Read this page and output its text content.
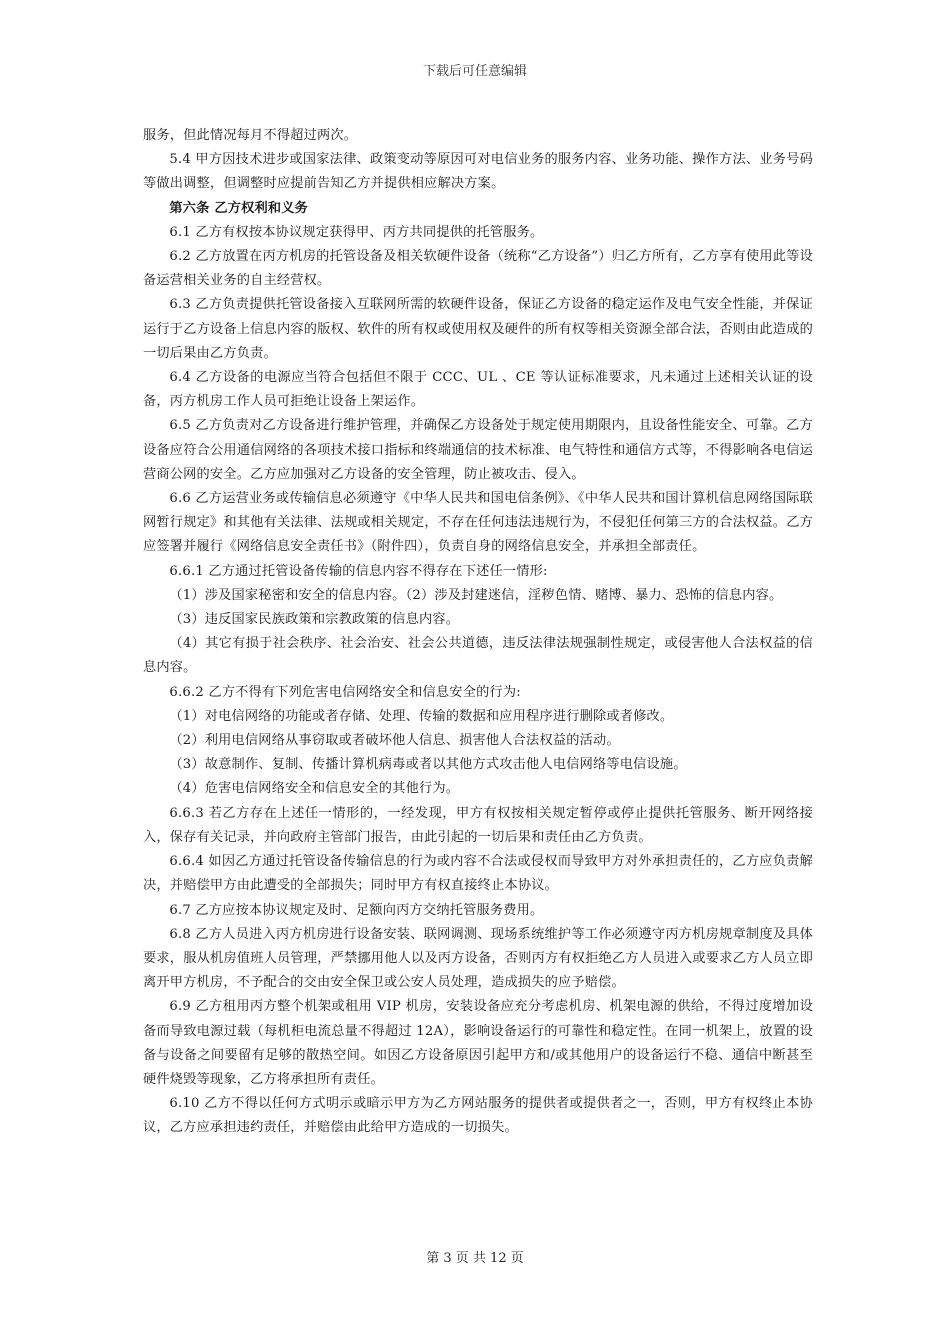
下载后可任意编辑

服务，但此情况每月不得超过两次。

5.4 甲方因技术进步或国家法律、政策变动等原因可对电信业务的服务内容、业务功能、操作方法、业务号码等做出调整，但调整时应提前告知乙方并提供相应解决方案。

第六条 乙方权利和义务

6.1 乙方有权按本协议规定获得甲、丙方共同提供的托管服务。

6.2 乙方放置在丙方机房的托管设备及相关软硬件设备（统称“乙方设备”）归乙方所有，乙方享有使用此等设备运营相关业务的自主经营权。

6.3 乙方负责提供托管设备接入互联网所需的软硬件设备，保证乙方设备的稳定运作及电气安全性能，并保证运行于乙方设备上信息内容的版权、软件的所有权或使用权及硬件的所有权等相关资源全部合法，否则由此造成的一切后果由乙方负责。

6.4 乙方设备的电源应当符合包括但不限于 CCC、UL 、CE 等认证标准要求，凡未通过上述相关认证的设备，丙方机房工作人员可拒绝让设备上架运作。

6.5 乙方负责对乙方设备进行维护管理，并确保乙方设备处于规定使用期限内，且设备性能安全、可靠。乙方设备应符合公用通信网络的各项技术接口指标和终端通信的技术标准、电气特性和通信方式等，不得影响各电信运营商公网的安全。乙方应加强对乙方设备的安全管理，防止被攻击、侵入。

6.6 乙方运营业务或传输信息必须遵守《中华人民共和国电信条例》、《中华人民共和国计算机信息网络国际联网暂行规定》和其他有关法律、法规或相关规定，不存在任何违法违规行为，不侵犯任何第三方的合法权益。乙方应签署并履行《网络信息安全责任书》（附件四），负责自身的网络信息安全，并承担全部责任。

6.6.1 乙方通过托管设备传输的信息内容不得存在下述任一情形:

（1）涉及国家秘密和安全的信息内容。（2）涉及封建迷信，淫秽色情、赌博、暴力、恐怖的信息内容。

（3）违反国家民族政策和宗教政策的信息内容。

（4）其它有损于社会秩序、社会治安、社会公共道德，违反法律法规强制性规定，或侵害他人合法权益的信息内容。

6.6.2 乙方不得有下列危害电信网络安全和信息安全的行为:

（1）对电信网络的功能或者存储、处理、传输的数据和应用程序进行删除或者修改。

（2）利用电信网络从事窃取或者破坏他人信息、损害他人合法权益的活动。

（3）故意制作、复制、传播计算机病毒或者以其他方式攻击他人电信网络等电信设施。

（4）危害电信网络安全和信息安全的其他行为。

6.6.3 若乙方存在上述任一情形的，一经发现，甲方有权按相关规定暂停或停止提供托管服务、断开网络接入，保存有关记录，并向政府主管部门报告，由此引起的一切后果和责任由乙方负责。

6.6.4 如因乙方通过托管设备传输信息的行为或内容不合法或侵权而导致甲方对外承担责任的，乙方应负责解决，并赔偿甲方由此遭受的全部损失；同时甲方有权直接终止本协议。

6.7 乙方应按本协议规定及时、足额向丙方交纳托管服务费用。

6.8 乙方人员进入丙方机房进行设备安装、联网调测、现场系统维护等工作必须遵守丙方机房规章制度及具体要求，服从机房值班人员管理，严禁挪用他人以及丙方设备，否则丙方有权拒绝乙方人员进入或要求乙方人员立即离开甲方机房，不予配合的交由安全保卫或公安人员处理，造成损失的应予赔偿。

6.9 乙方租用丙方整个机架或租用 VIP 机房，安装设备应充分考虑机房、机架电源的供给，不得过度增加设备而导致电源过载（每机柜电流总量不得超过 12A），影响设备运行的可靠性和稳定性。在同一机架上，放置的设备与设备之间要留有足够的散热空间。如因乙方设备原因引起甲方和/或其他用户的设备运行不稳、通信中断甚至硬件烧毁等现象，乙方将承担所有责任。

6.10 乙方不得以任何方式明示或暗示甲方为乙方网站服务的提供者或提供者之一，否则，甲方有权终止本协议，乙方应承担违约责任，并赔偿由此给甲方造成的一切损失。

第 3 页 共 12 页
